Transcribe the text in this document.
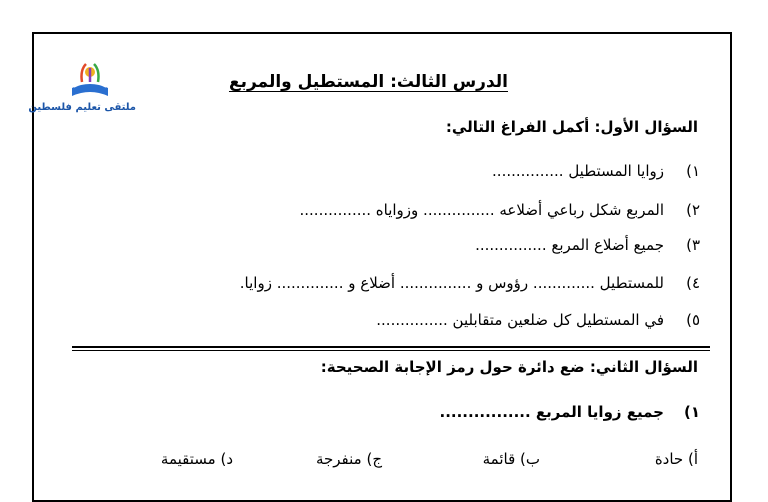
ملتقى تعليم فلسطين
الدرس الثالث: المستطيل والمربع
السؤال الأول: أكمل الفراغ التالي:
١)
زوايا المستطيل ...............
٢)
المربع شكل رباعي أضلاعه ............... وزواياه ...............
٣)
جميع أضلاع المربع ...............
٤)
للمستطيل ............. رؤوس و ............... أضلاع و .............. زوايا.
٥)
في المستطيل كل ضلعين متقابلين ...............
السؤال الثاني: ضع دائرة حول رمز الإجابة الصحيحة:
١)
جميع زوايا المربع ................
أ) حادة
ب) قائمة
ج) منفرجة
د) مستقيمة
